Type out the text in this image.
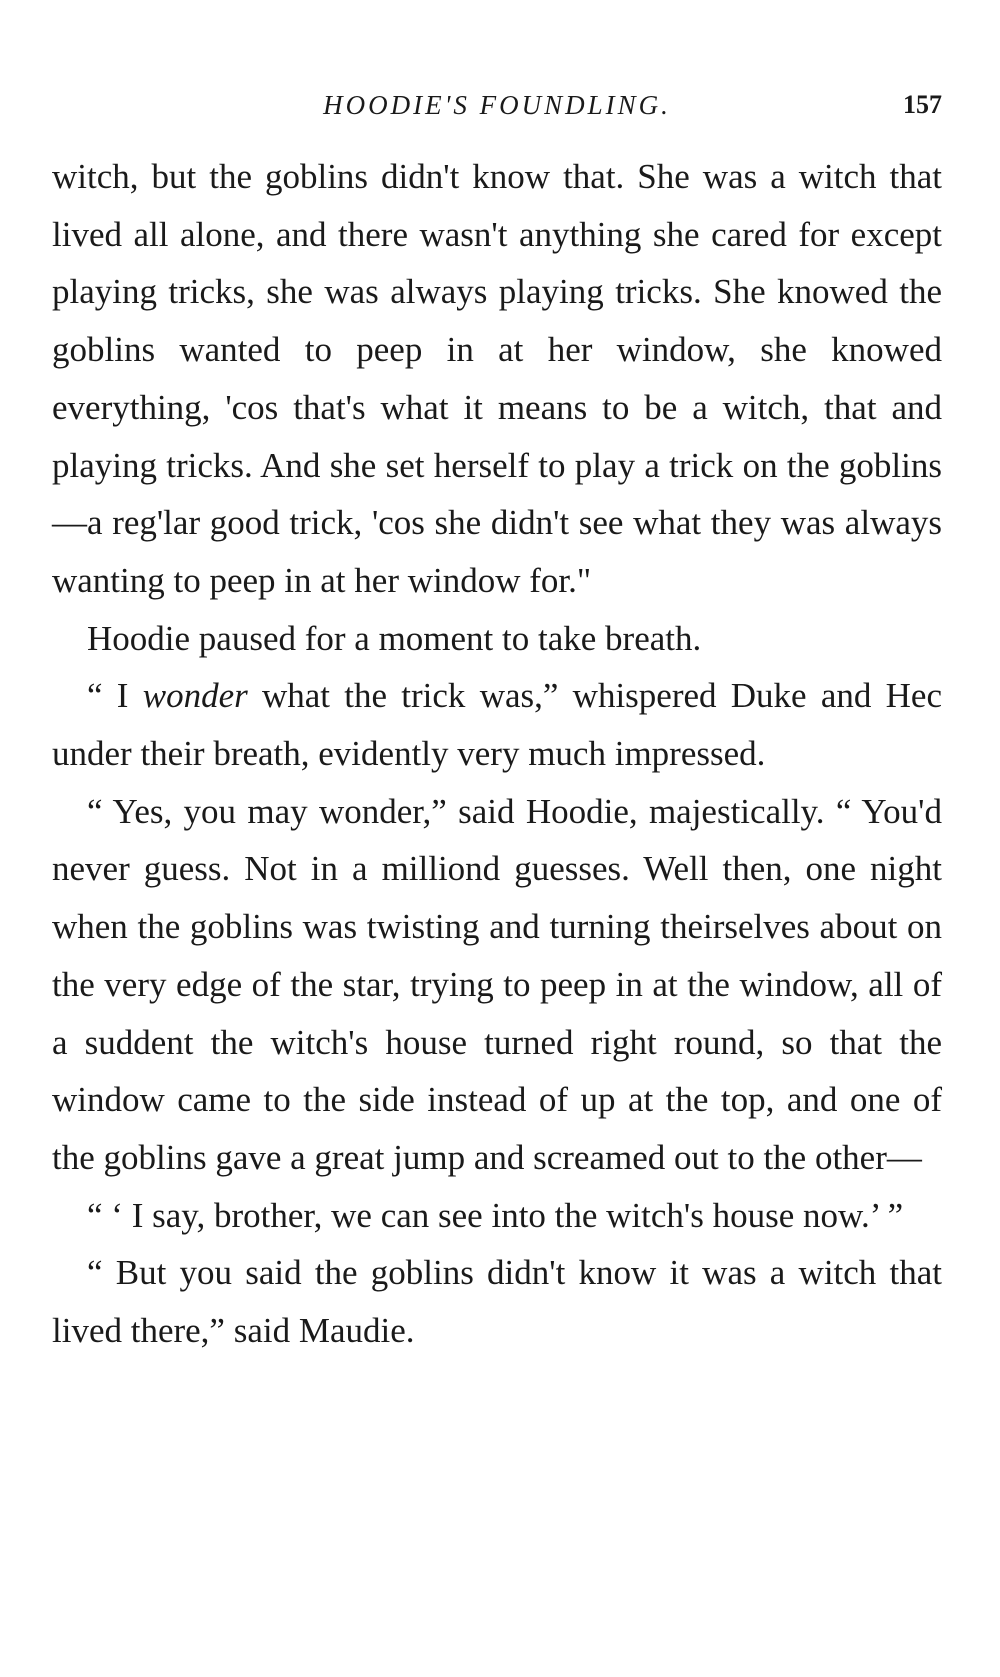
HOODIE'S FOUNDLING.	157

witch, but the goblins didn't know that. She was a witch that lived all alone, and there wasn't anything she cared for except playing tricks, she was always playing tricks. She knowed the goblins wanted to peep in at her window, she knowed everything, 'cos that's what it means to be a witch, that and playing tricks. And she set herself to play a trick on the goblins—a reg'lar good trick, 'cos she didn't see what they was always wanting to peep in at her window for."

Hoodie paused for a moment to take breath.

“ I wonder what the trick was,” whispered Duke and Hec under their breath, evidently very much impressed.

“ Yes, you may wonder,” said Hoodie, majestically. “ You'd never guess. Not in a milliond guesses. Well then, one night when the goblins was twisting and turning theirselves about on the very edge of the star, trying to peep in at the window, all of a suddent the witch's house turned right round, so that the window came to the side instead of up at the top, and one of the goblins gave a great jump and screamed out to the other—

“ ‘ I say, brother, we can see into the witch's house now.’ ”

“ But you said the goblins didn't know it was a witch that lived there,” said Maudie.
